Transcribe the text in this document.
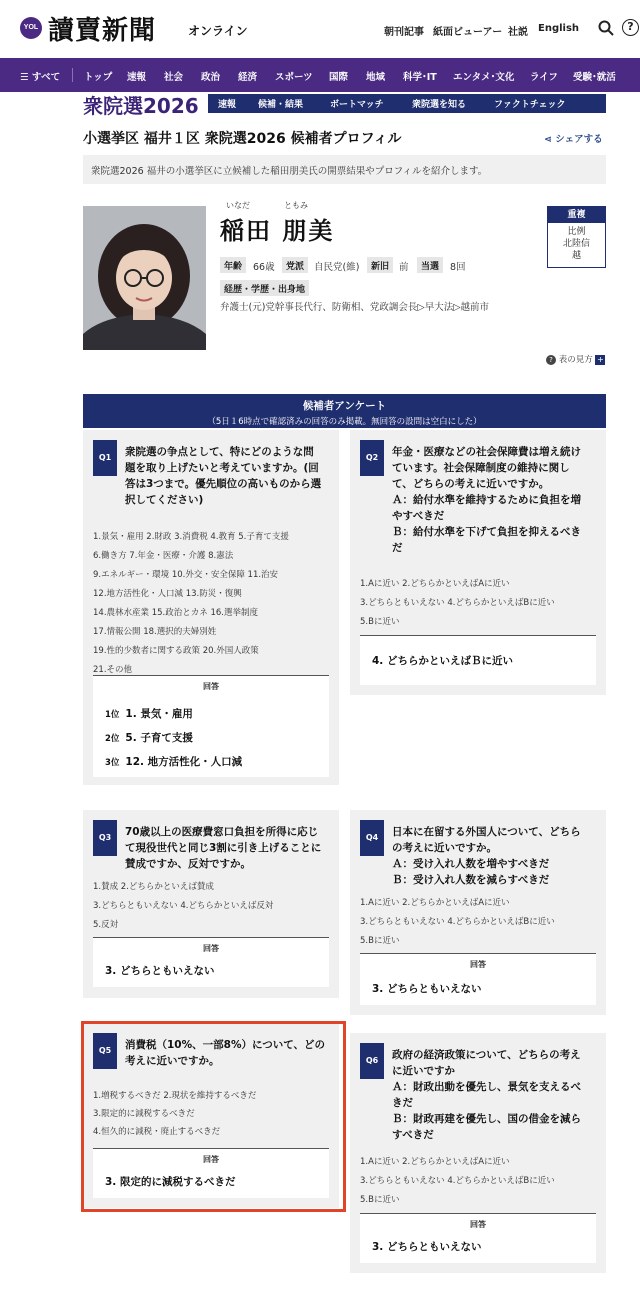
YOL 讀賣新聞	オンライン	朝刊記事 紙面ビューアー 社説 English	?
☰ すべて	トップ 速報 社会 政治 経済 スポーツ 国際 地域 科学･IT エンタメ･文化 ライフ 受験･就活
衆院選2026 速報 候補・結果	ボートマッチ	衆院選を知る	ファクトチェック
小選挙区 福井１区 衆院選2026 候補者プロフィル	⋖ シェアする
衆院選2026 福井の小選挙区に立候補した稲田朋美氏の開票結果やプロフィルを紹介します。
いなだ	ともみ
稲田 朋美
年齢	66歳	党派	自民党(維)	新旧	前	当選	8回
経歴・学歴・出身地
弁護士(元)党幹事長代行、防衛相、党政調会長▷早大法▷越前市
重複
比例
北陸信
越
? 表の見方 +
候補者アンケート
（5日１6時点で確認済みの回答のみ掲載。無回答の設問は空白にした）
Q1	衆院選の争点として、特にどのような問
題を取り上げたいと考えていますか。(回
答は3つまで。優先順位の高いものから選
択してください)
1.景気・雇用 2.財政 3.消費税 4.教育 5.子育て支援
6.働き方 7.年金・医療・介護 8.憲法
9.エネルギー・環境 10.外交・安全保障 11.治安
12.地方活性化・人口減 13.防災・復興
14.農林水産業 15.政治とカネ 16.選挙制度
17.情報公開 18.選択的夫婦別姓
19.性的少数者に関する政策 20.外国人政策
21.その他
回答
1位 1. 景気・雇用
2位 5. 子育て支援
3位 12. 地方活性化・人口減
Q2	年金・医療などの社会保障費は増え続け
ています。社会保障制度の維持に関し
て、どちらの考えに近いですか。
Ａ：給付水準を維持するために負担を増
やすべきだ
Ｂ：給付水準を下げて負担を抑えるべき
だ
1.Aに近い 2.どちらかといえばAに近い
3.どちらともいえない 4.どちらかといえばBに近い
5.Bに近い
4. どちらかといえばＢに近い
Q3	70歳以上の医療費窓口負担を所得に応じ
て現役世代と同じ3割に引き上げることに
賛成ですか、反対ですか。
1.賛成 2.どちらかといえば賛成
3.どちらともいえない 4.どちらかといえば反対
5.反対
回答
3. どちらともいえない
Q4	日本に在留する外国人について、どちら
の考えに近いですか。
Ａ：受け入れ人数を増やすべきだ
Ｂ：受け入れ人数を減らすべきだ
1.Aに近い 2.どちらかといえばAに近い
3.どちらともいえない 4.どちらかといえばBに近い
5.Bに近い
回答
3. どちらともいえない
Q5	消費税（10%、一部8%）について、どの
考えに近いですか。
1.増税するべきだ 2.現状を維持するべきだ
3.限定的に減税するべきだ
4.恒久的に減税・廃止するべきだ
回答
3. 限定的に減税するべきだ
Q6	政府の経済政策について、どちらの考え
に近いですか
Ａ：財政出動を優先し、景気を支えるべ
きだ
Ｂ：財政再建を優先し、国の借金を減ら
すべきだ
1.Aに近い 2.どちらかといえばAに近い
3.どちらともいえない 4.どちらかといえばBに近い
5.Bに近い
回答
3. どちらともいえない
